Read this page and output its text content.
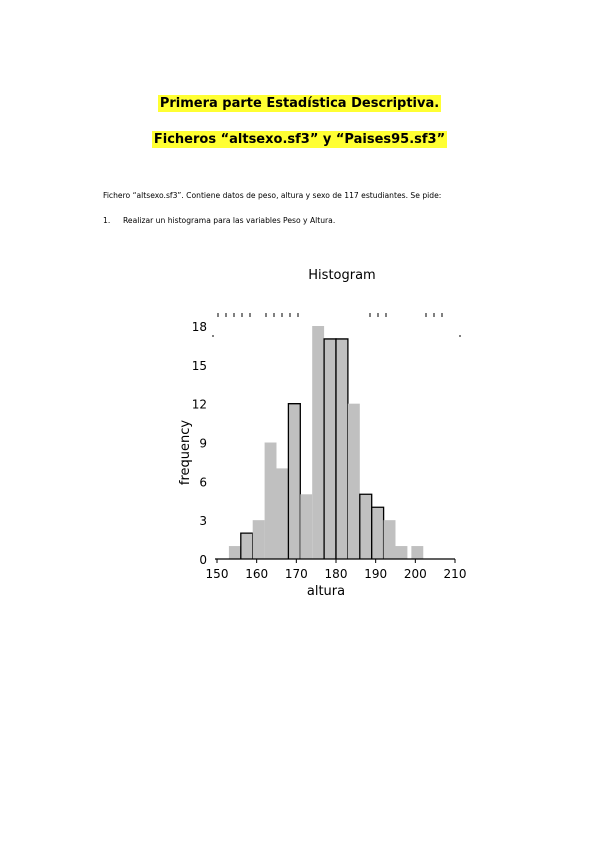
Primera parte Estadística Descriptiva.
Ficheros “altsexo.sf3” y “Paises95.sf3”
Fichero “altsexo.sf3”. Contiene datos de peso, altura y sexo de 117 estudiantes. Se pide:
1. Realizar un histograma para las variables Peso y Altura.
Histogram
150 160 170 180 190 200 210
0
3
6
9
12
15
18
altura
frequency
